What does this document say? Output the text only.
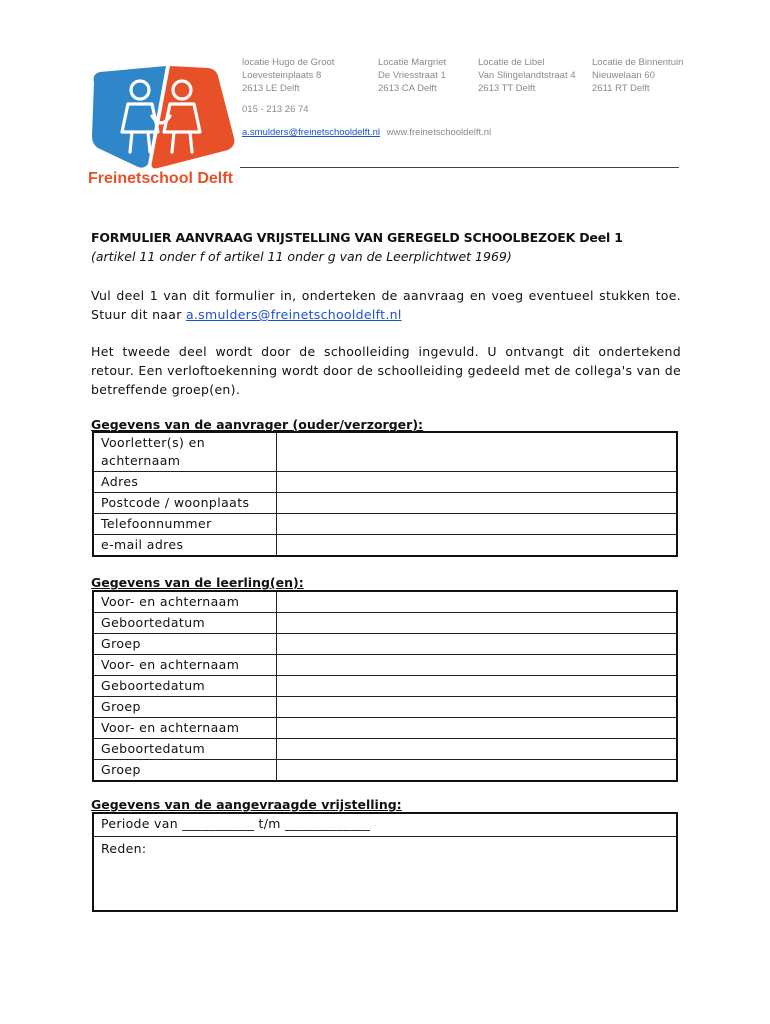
Freinetschool Delft
locatie Hugo de Groot
Loevesteinplaats 8
2613 LE Delft
Locatie Margriet
De Vriesstraat 1
2613 CA Delft
Locatie de Libel
Van Slingelandtstraat 4
2613 TT Delft
Locatie de Binnentuin
Nieuwelaan 60
2611 RT Delft
015 - 213 26 74
a.smulders@freinetschooldelft.nl www.freinetschooldelft.nl
FORMULIER AANVRAAG VRIJSTELLING VAN GEREGELD SCHOOLBEZOEK Deel 1
(artikel 11 onder f of artikel 11 onder g van de Leerplichtwet 1969)
Vul deel 1 van dit formulier in, onderteken de aanvraag en voeg eventueel stukken toe. Stuur dit naar a.smulders@freinetschooldelft.nl
Het tweede deel wordt door de schoolleiding ingevuld. U ontvangt dit ondertekend retour. Een verloftoekenning wordt door de schoolleiding gedeeld met de collega's van de betreffende groep(en).
Gegevens van de aanvrager (ouder/verzorger):
Voorletter(s) en achternaam	
Adres	
Postcode / woonplaats	
Telefoonnummer	
e-mail adres	
Gegevens van de leerling(en):
Voor- en achternaam	
Geboortedatum	
Groep	
Voor- en achternaam	
Geboortedatum	
Groep	
Voor- en achternaam	
Geboortedatum	
Groep	
Gegevens van de aangevraagde vrijstelling:
Periode van ___________ t/m _____________
Reden:
